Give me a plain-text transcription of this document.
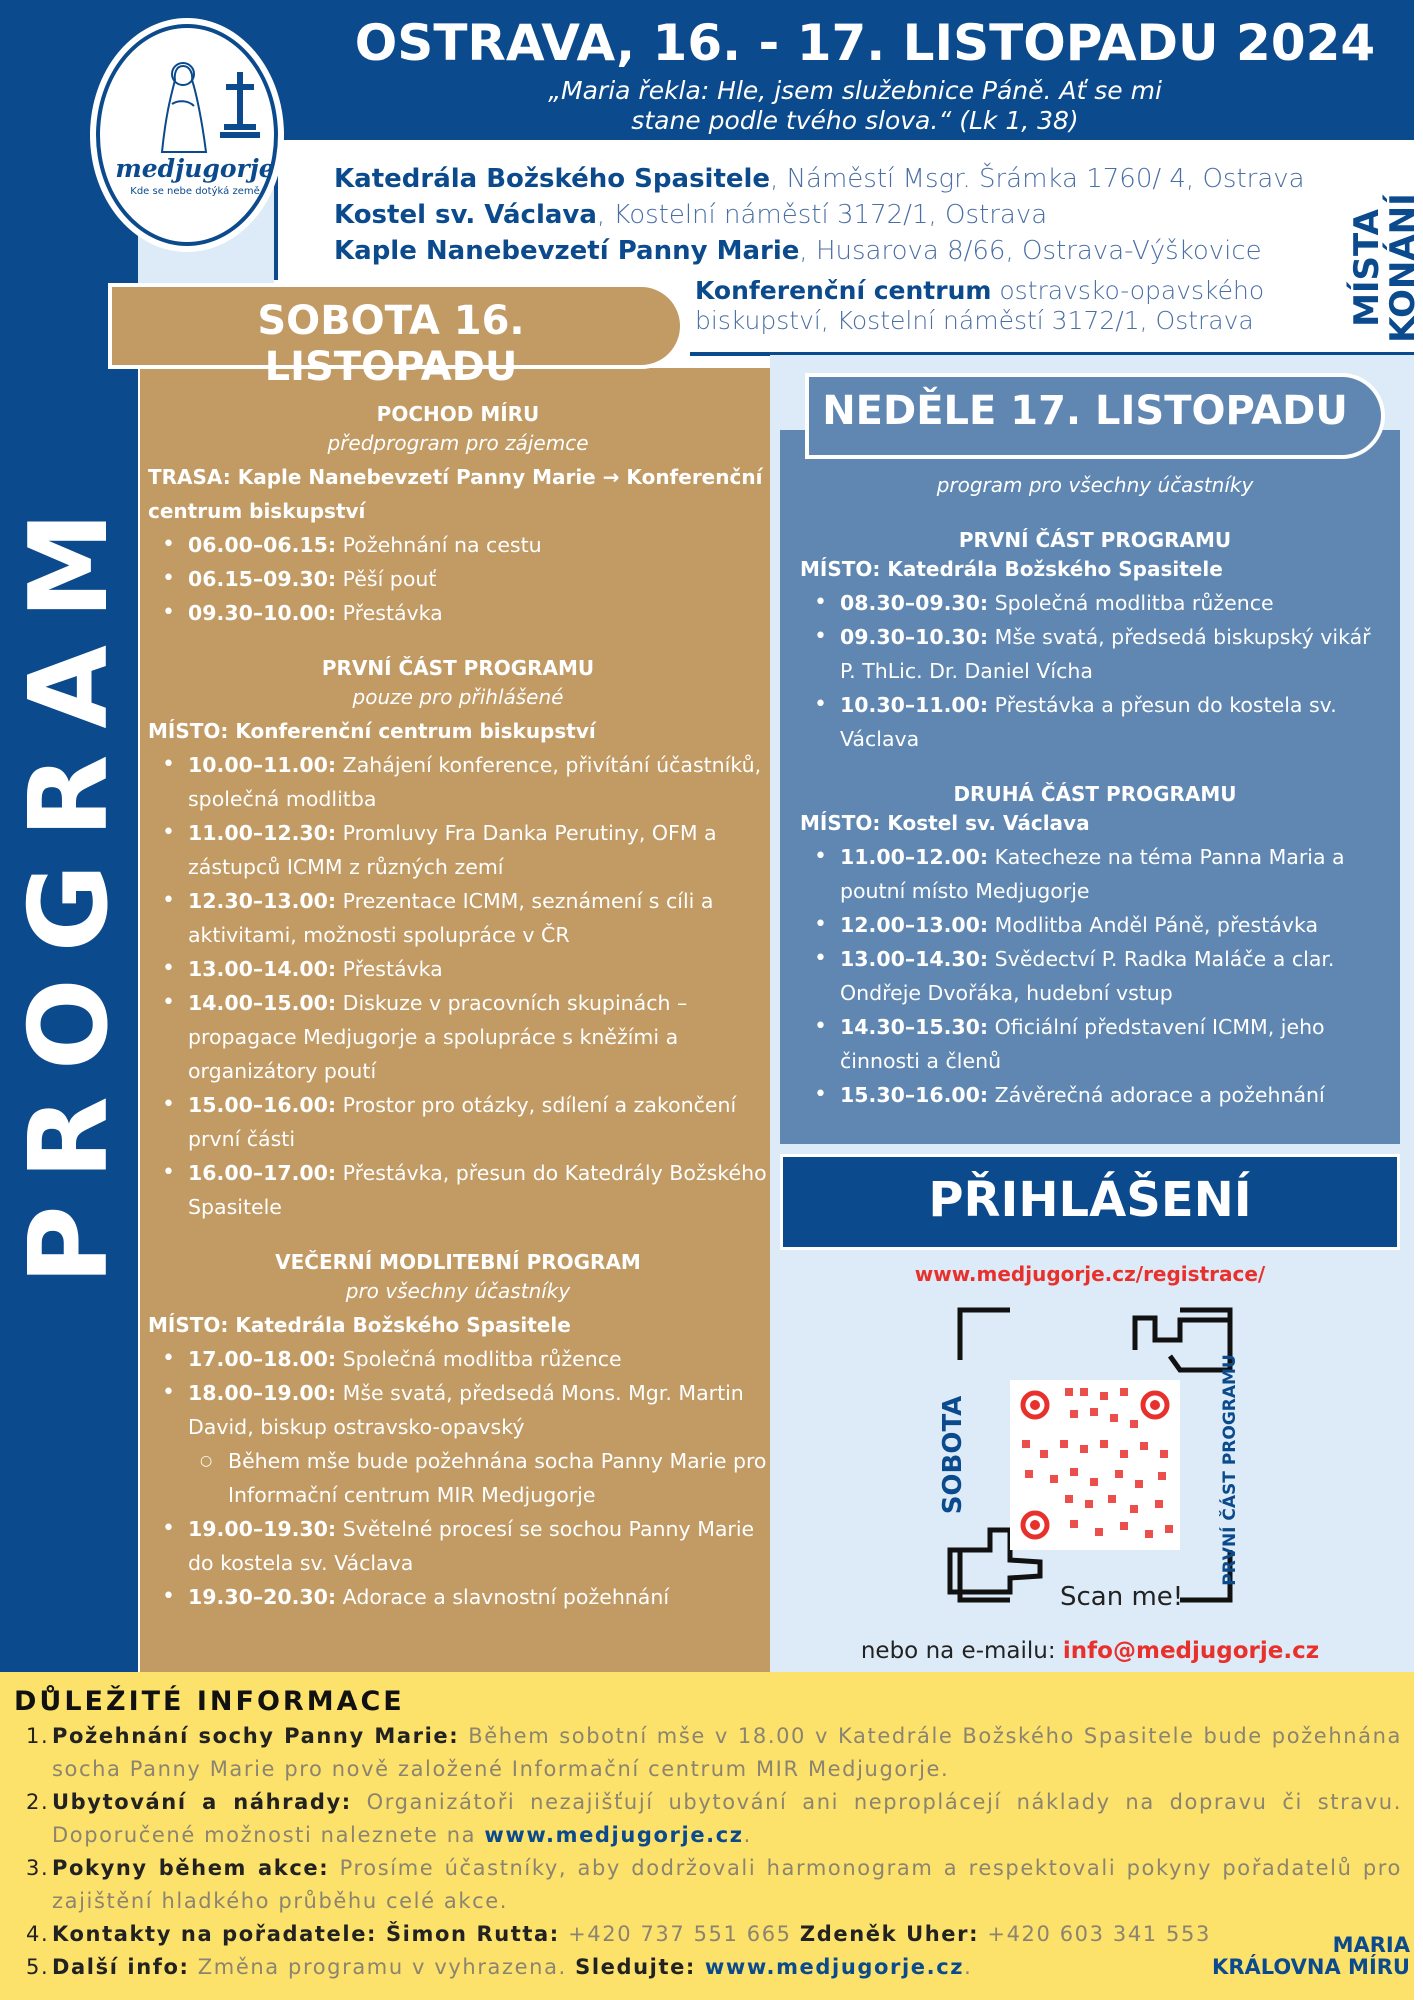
PROGRAM
OSTRAVA, 16. - 17. LISTOPADU 2024
„Maria řekla: Hle, jsem služebnice Páně. Ať se mi
stane podle tvého slova.“ (Lk 1, 38)
medjugorje
Kde se nebe dotýká země	Katedrála Božského Spasitele, Náměstí Msgr. Šrámka 1760/ 4, Ostrava
Kostel sv. Václava, Kostelní náměstí 3172/1, Ostrava
Kaple Nanebevzetí Panny Marie, Husarova 8/66, Ostrava-Výškovice
Konferenční centrum ostravsko-opavského biskupství, Kostelní náměstí 3172/1, Ostrava	MÍSTA
KONÁNÍ
SOBOTA 16. LISTOPADU
POCHOD MÍRU
předprogram pro zájemce
TRASA: Kaple Nanebevzetí Panny Marie → Konferenční centrum biskupství
• 06.00–06.15: Požehnání na cestu
• 06.15–09.30: Pěší pouť
• 09.30–10.00: Přestávka
PRVNÍ ČÁST PROGRAMU
pouze pro přihlášené
MÍSTO: Konferenční centrum biskupství
• 10.00–11.00: Zahájení konference, přivítání účastníků, společná modlitba
• 11.00–12.30: Promluvy Fra Danka Perutiny, OFM a zástupců ICMM z různých zemí
• 12.30–13.00: Prezentace ICMM, seznámení s cíli a aktivitami, možnosti spolupráce v ČR
• 13.00–14.00: Přestávka
• 14.00–15.00: Diskuze v pracovních skupinách – propagace Medjugorje a spolupráce s kněžími a organizátory poutí
• 15.00–16.00: Prostor pro otázky, sdílení a zakončení první části
• 16.00–17.00: Přestávka, přesun do Katedrály Božského Spasitele
VEČERNÍ MODLITEBNÍ PROGRAM
pro všechny účastníky
MÍSTO: Katedrála Božského Spasitele
• 17.00–18.00: Společná modlitba růžence
• 18.00–19.00: Mše svatá, předsedá Mons. Mgr. Martin David, biskup ostravsko-opavský
○ Během mše bude požehnána socha Panny Marie pro Informační centrum MIR Medjugorje
• 19.00–19.30: Světelné procesí se sochou Panny Marie do kostela sv. Václava
• 19.30–20.30: Adorace a slavnostní požehnání
NEDĚLE 17. LISTOPADU
program pro všechny účastníky
PRVNÍ ČÁST PROGRAMU
MÍSTO: Katedrála Božského Spasitele
• 08.30–09.30: Společná modlitba růžence
• 09.30–10.30: Mše svatá, předsedá biskupský vikář P. ThLic. Dr. Daniel Vícha
• 10.30–11.00: Přestávka a přesun do kostela sv. Václava
DRUHÁ ČÁST PROGRAMU
MÍSTO: Kostel sv. Václava
• 11.00–12.00: Katecheze na téma Panna Maria a poutní místo Medjugorje
• 12.00–13.00: Modlitba Anděl Páně, přestávka
• 13.00–14.30: Svědectví P. Radka Maláče a clar. Ondřeje Dvořáka, hudební vstup
• 14.30–15.30: Oficiální představení ICMM, jeho činnosti a členů
• 15.30–16.00: Závěrečná adorace a požehnání
PŘIHLÁŠENÍ
www.medjugorje.cz/registrace/
SOBOTA	PRVNÍ ČÁST PROGRAMU
Scan me!
nebo na e-mailu: info@medjugorje.cz
DŮLEŽITÉ INFORMACE
1. Požehnání sochy Panny Marie: Během sobotní mše v 18.00 v Katedrále Božského Spasitele bude požehnána socha Panny Marie pro nově založené Informační centrum MIR Medjugorje.
2. Ubytování a náhrady: Organizátoři nezajišťují ubytování ani neproplácejí náklady na dopravu či stravu. Doporučené možnosti naleznete na www.medjugorje.cz.
3. Pokyny během akce: Prosíme účastníky, aby dodržovali harmonogram a respektovali pokyny pořadatelů pro zajištění hladkého průběhu celé akce.
4. Kontakty na pořadatele: Šimon Rutta: +420 737 551 665 Zdeněk Uher: +420 603 341 553
5. Další info: Změna programu v vyhrazena. Sledujte: www.medjugorje.cz.
MARIA
KRÁLOVNA MÍRU
